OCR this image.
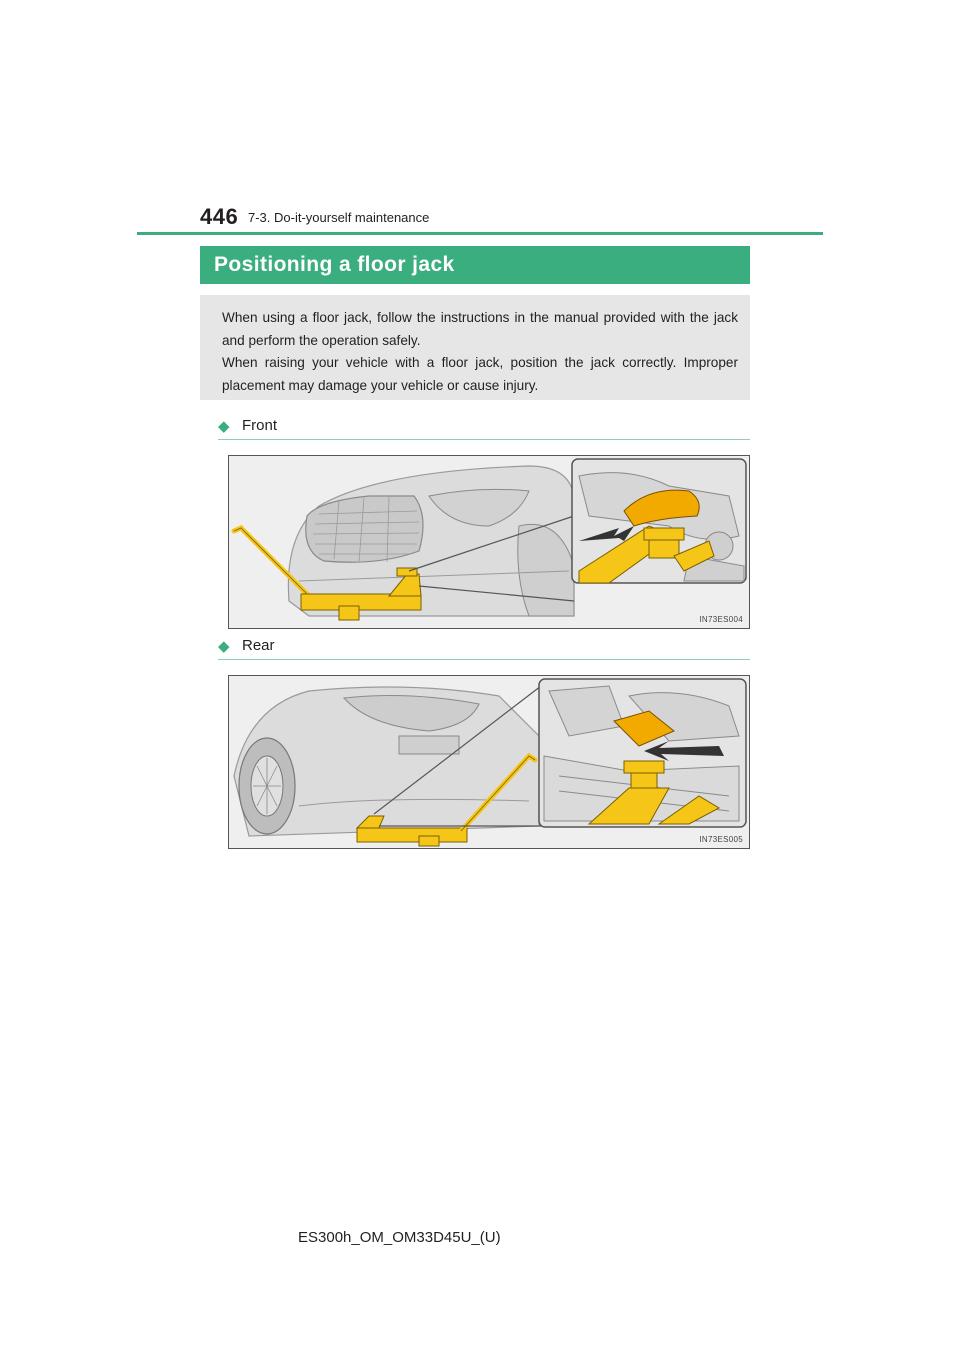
446 7-3. Do-it-yourself maintenance
Positioning a floor jack

When using a floor jack, follow the instructions in the manual provided with the jack and perform the operation safely.

When raising your vehicle with a floor jack, position the jack correctly. Improper placement may damage your vehicle or cause injury.

◆ Front
IN73ES004
◆ Rear
IN73ES005
ES300h_OM_OM33D45U_(U)
